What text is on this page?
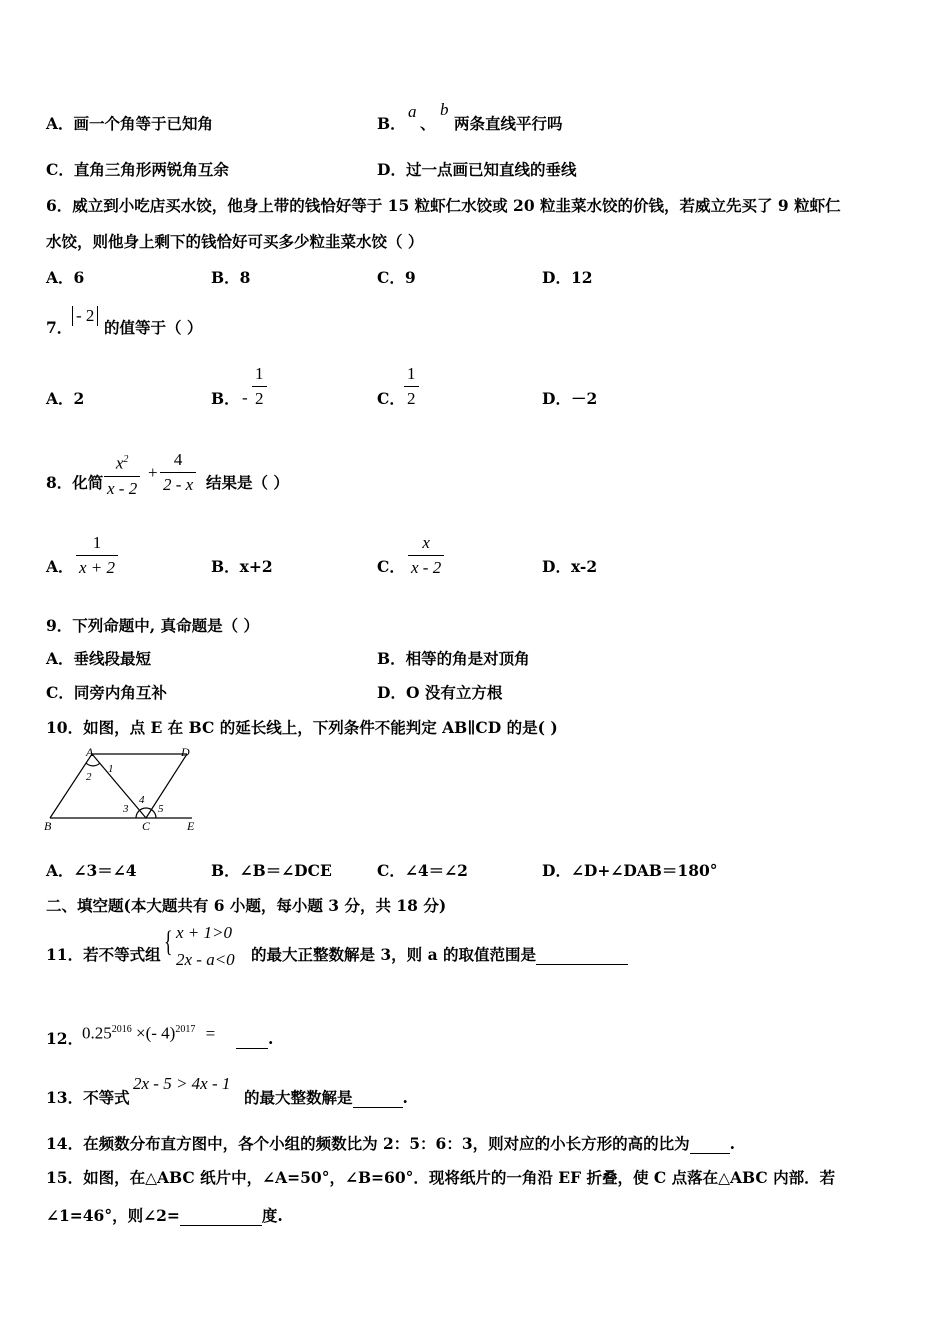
A．画一个角等于已知角	B．
a
、
b
两条直线平行吗
C．直角三角形两锐角互余	D．过一点画已知直线的垂线
6．威立到小吃店买水饺，他身上带的钱恰好等于 15 粒虾仁水饺或 20 粒韭菜水饺的价钱，若威立先买了 9 粒虾仁
水饺，则他身上剩下的钱恰好可买多少粒韭菜水饺（ ）
A．6	B．8	C．9	D．12
7．
- 2
的值等于（ ）
A．2	B． - $\frac{1}{2}$	C． $\frac{1}{2}$	D．－2
8．化简 $\frac{x^2}{x - 2} + \frac{4}{2 - x}$ 结果是（ ）
A． $\frac{1}{x + 2}$	B．x+2	C． $\frac{x}{x - 2}$	D．x-2
9．下列命题中, 真命题是（ ）
A．垂线段最短	B．相等的角是对顶角
C．同旁内角互补	D．O 没有立方根
10．如图，点 E 在 BC 的延长线上，下列条件不能判定 AB∥CD 的是( )
A	D
B	C	E
1
2
3
4
5
A．∠3＝∠4	B．∠B＝∠DCE	C．∠4＝∠2	D．∠D+∠DAB＝180°
二、填空题(本大题共有 6 小题，每小题 3 分，共 18 分)
11．若不等式组 { x + 1>0
2x - a<0 的最大正整数解是 3，则 a 的取值范围是
12．
$0.25^{2016}$ ×(- 4)$^{2017}$ =	.
13．不等式
2x - 5 > 4x - 1
的最大整数解是	.
14．在频数分布直方图中，各个小组的频数比为 2：5：6：3，则对应的小长方形的高的比为	.
15．如图，在△ABC 纸片中，∠A=50°，∠B=60°．现将纸片的一角沿 EF 折叠，使 C 点落在△ABC 内部．若
∠1=46°，则∠2=	度.
